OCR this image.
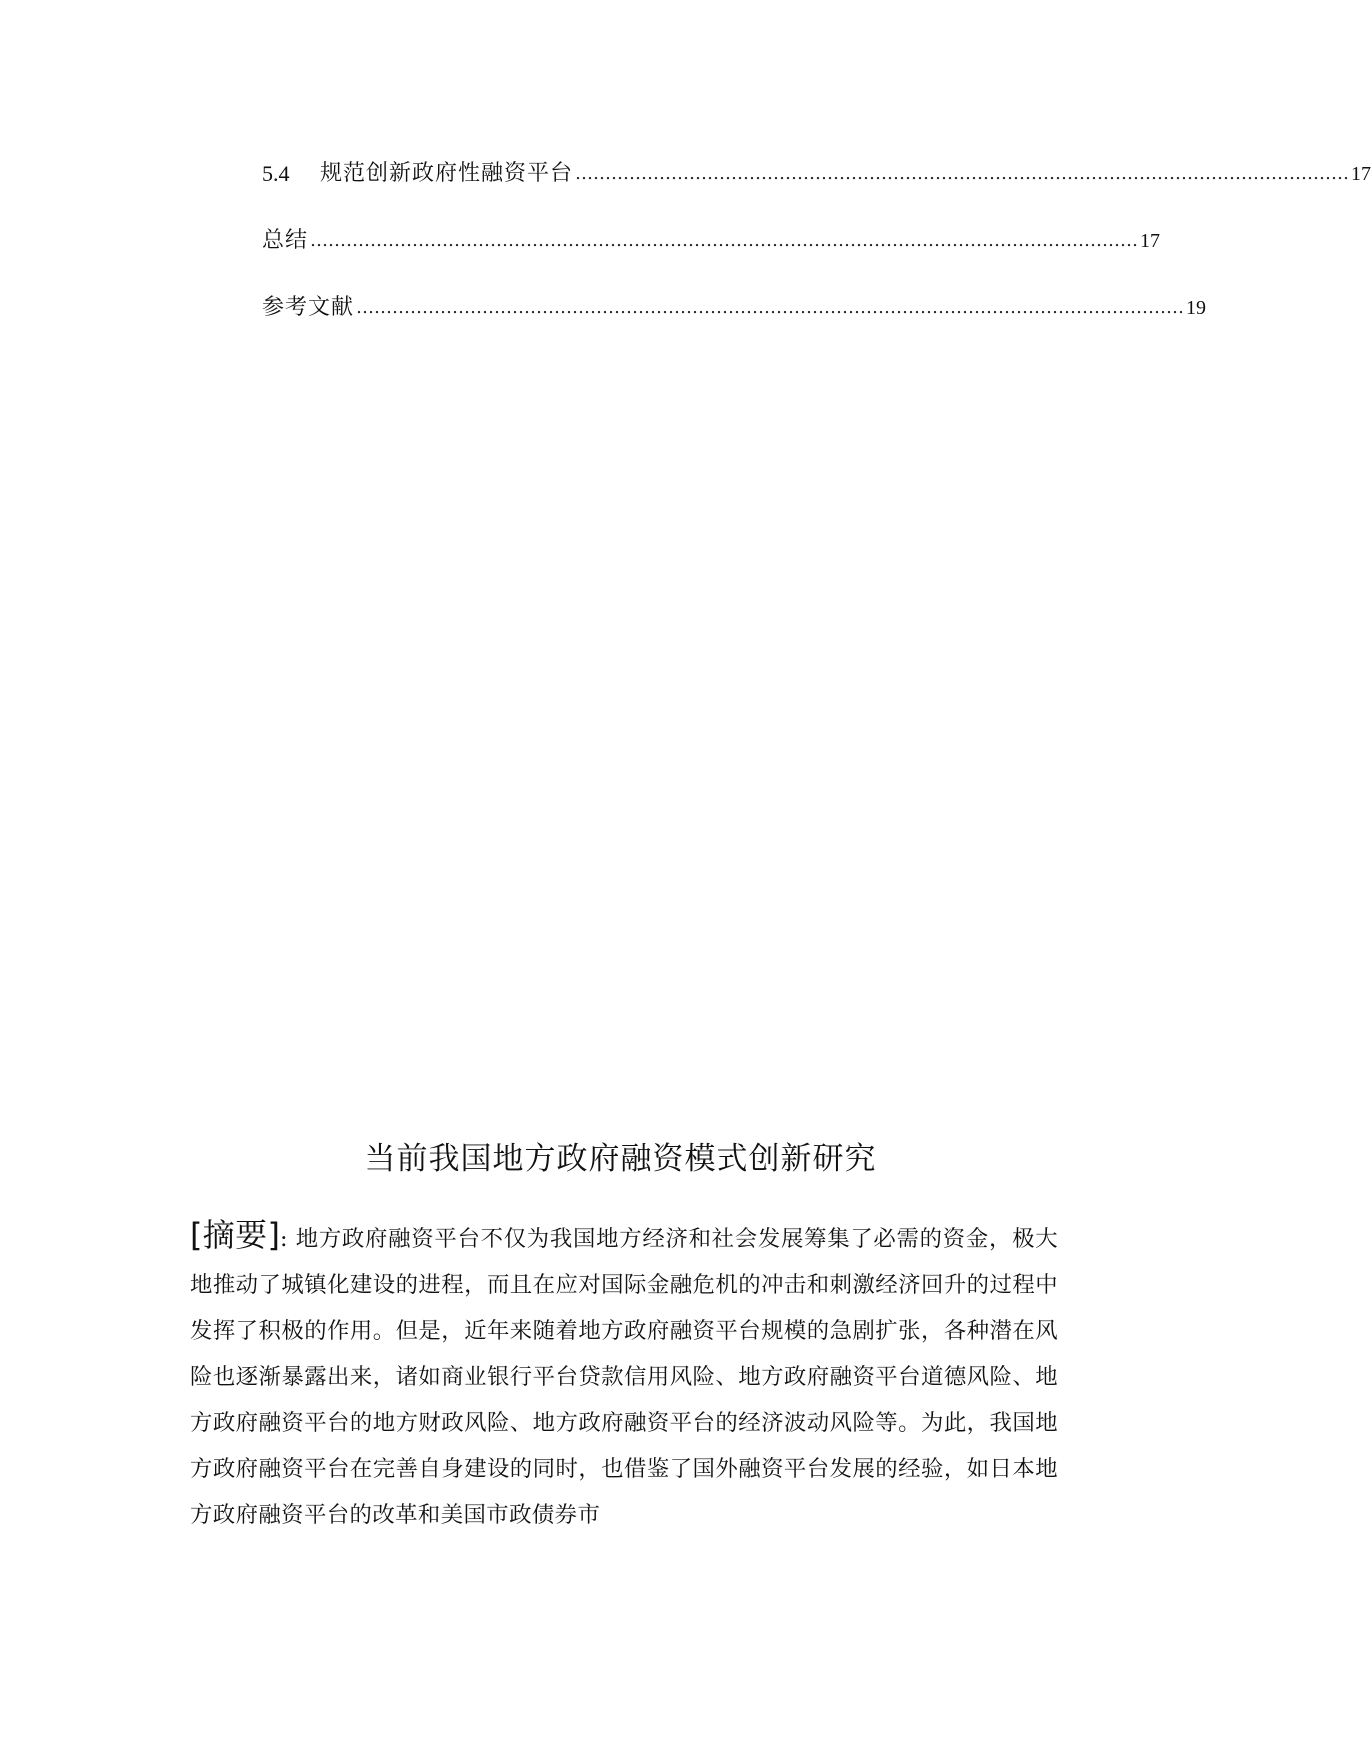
5.4	规范创新政府性融资平台 ………………………………………………………………………………………………………………… 17
总结 ………………………………………………………………………………………………………………………… 17
参考文献 ………………………………………………………………………………………………………………………… 19
当前我国地方政府融资模式创新研究

[摘要]: 地方政府融资平台不仅为我国地方经济和社会发展筹集了必需的资金，极大地推动了城镇化建设的进程，而且在应对国际金融危机的冲击和刺激经济回升的过程中发挥了积极的作用。但是，近年来随着地方政府融资平台规模的急剧扩张，各种潜在风险也逐渐暴露出来，诸如商业银行平台贷款信用风险、地方政府融资平台道德风险、地方政府融资平台的地方财政风险、地方政府融资平台的经济波动风险等。为此，我国地方政府融资平台在完善自身建设的同时，也借鉴了国外融资平台发展的经验，如日本地方政府融资平台的改革和美国市政债券市
